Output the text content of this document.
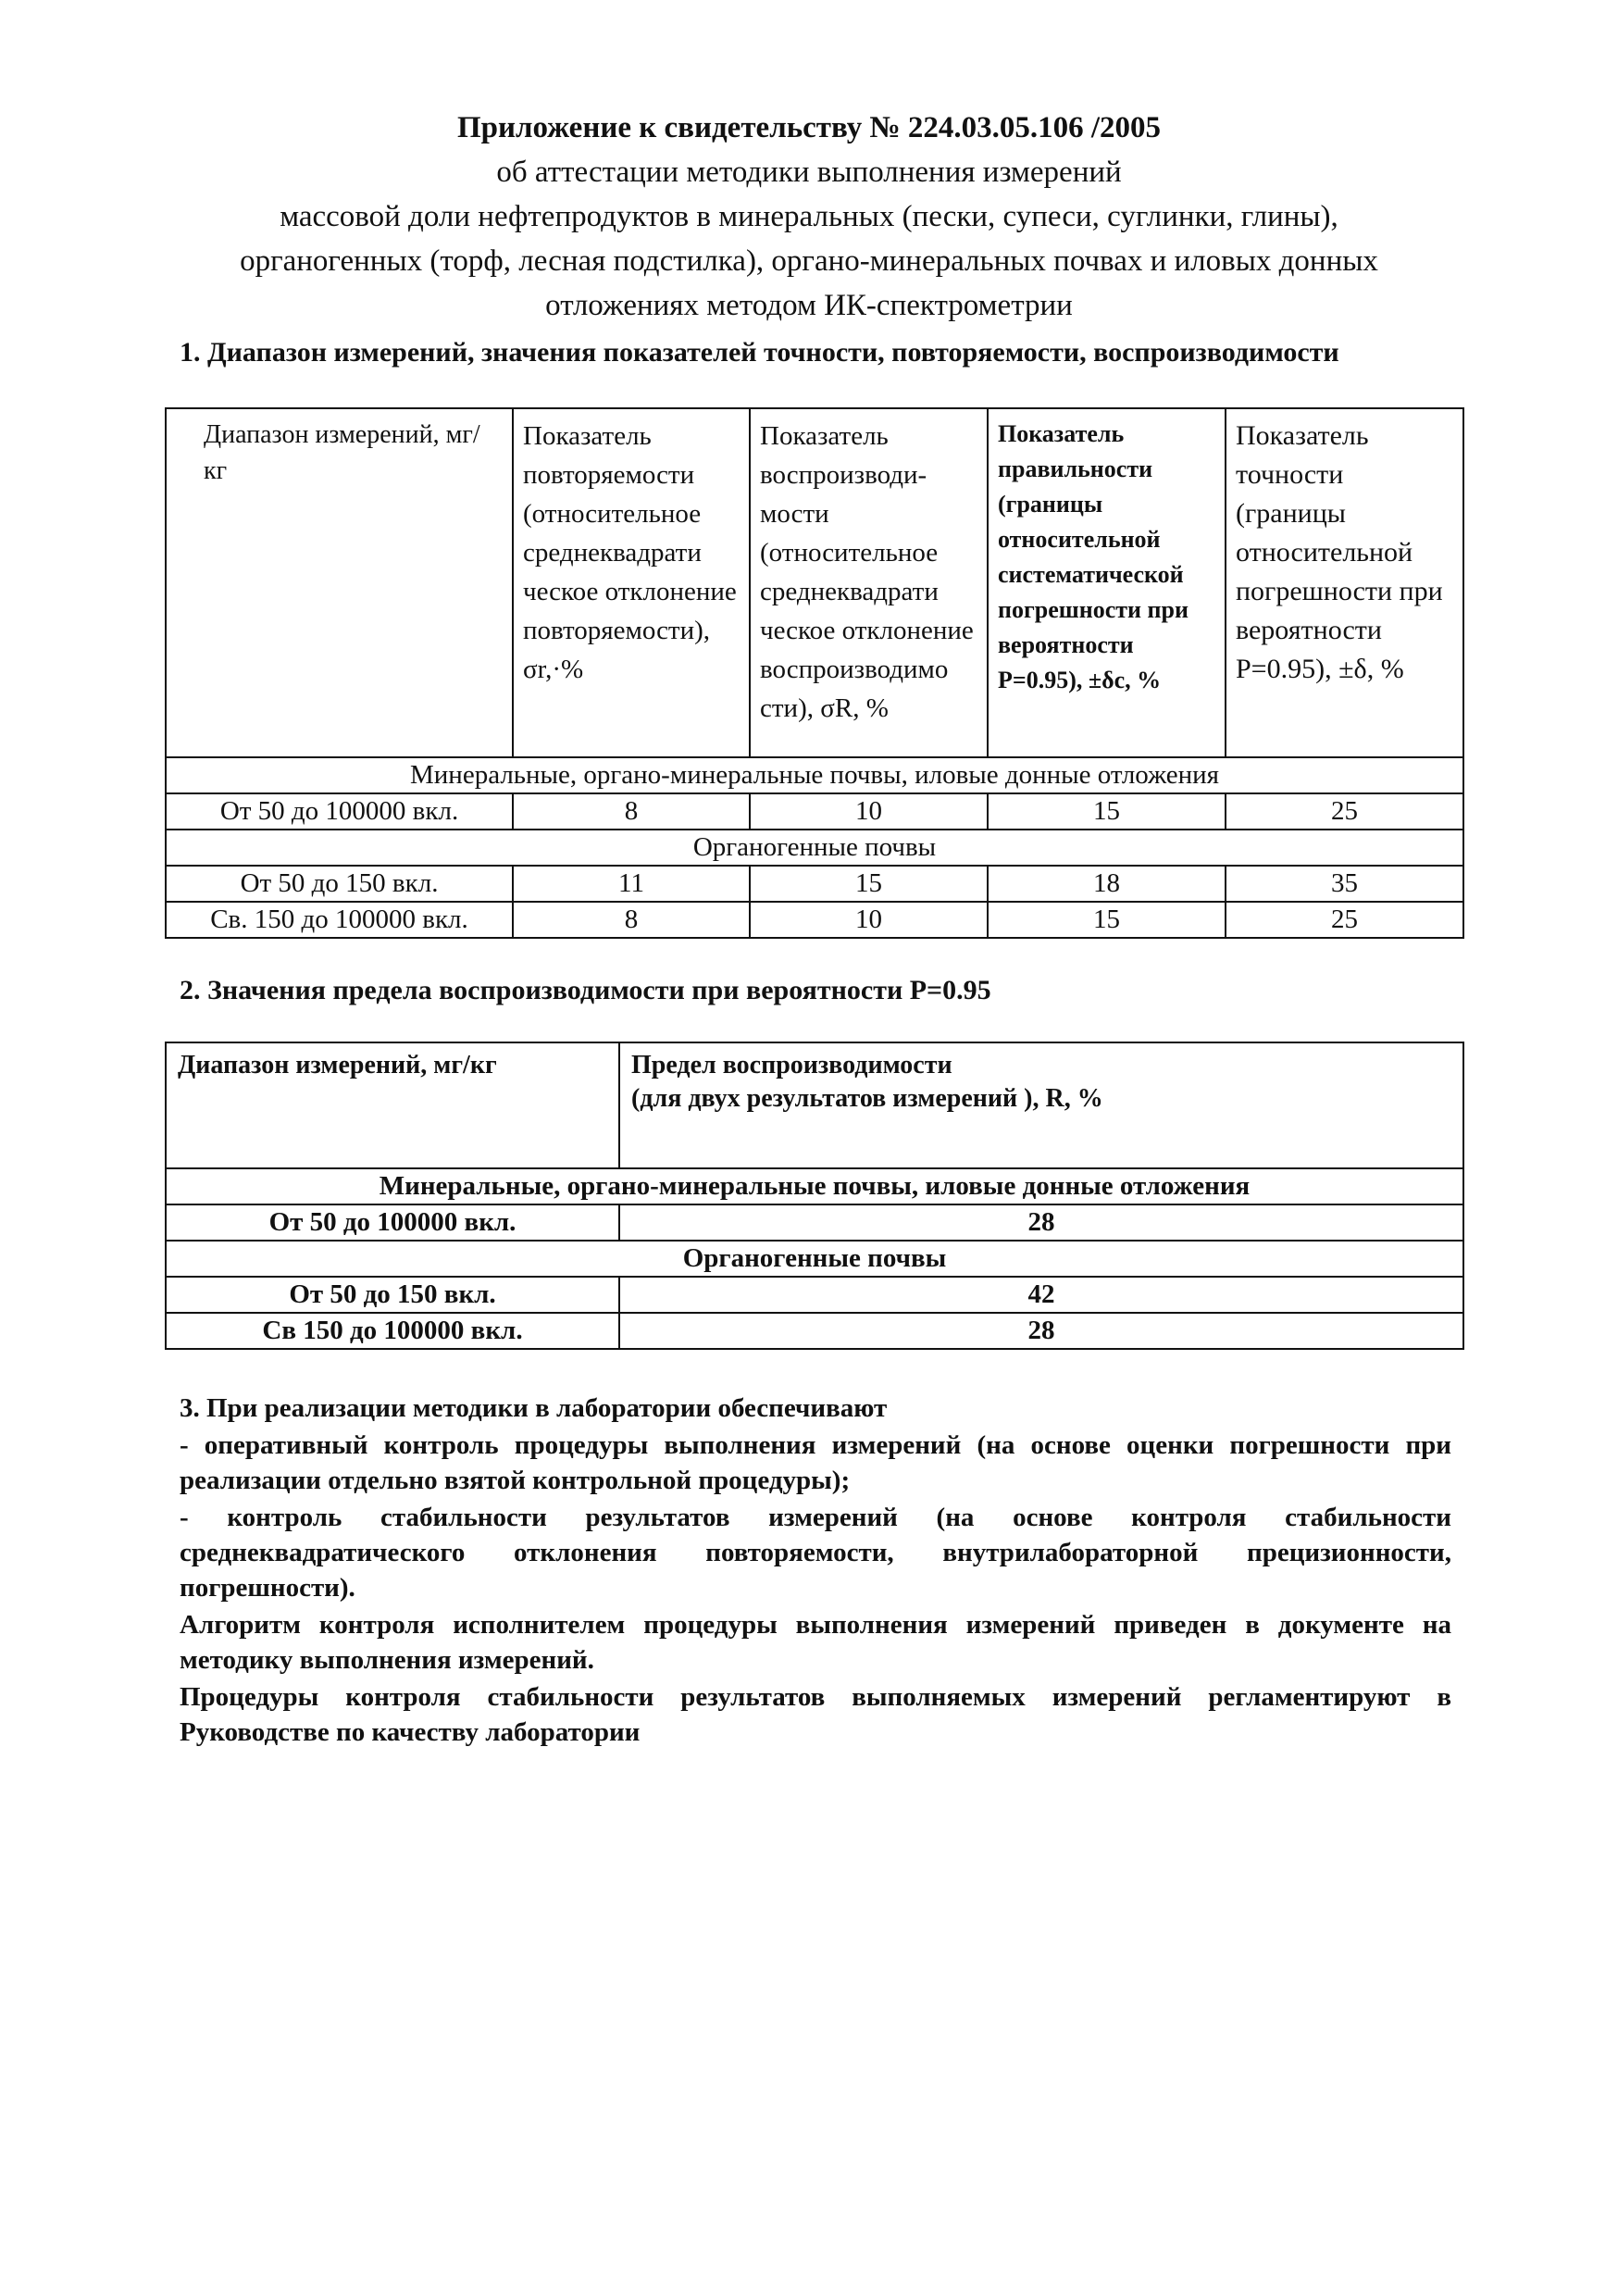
Приложение к свидетельству № 224.03.05.106 /2005
об аттестации методики выполнения измерений
массовой доли нефтепродуктов в минеральных (пески, супеси, суглинки, глины),
органогенных (торф, лесная подстилка), органо-минеральных почвах и иловых донных
отложениях методом ИК-спектрометрии
1. Диапазон измерений, значения показателей точности, повторяемости, воспроизводимости
Диапазон измерений, мг/кг	Показатель повторяемости (относительное среднеквадрати ческое отклонение повторяемости), σr,·%	Показатель воспроизводи- мости (относительное среднеквадрати ческое отклонение воспроизводимо сти), σR, %	Показатель правильности (границы относительной систематической погрешности при вероятности P=0.95), ±δс, %	Показатель точности (границы относительной погрешности при вероятности P=0.95), ±δ, %

Минеральные, органо-минеральные почвы, иловые донные отложения				
От 50 до 100000 вкл.	8	10	15	25
Органогенные почвы				
От 50 до 150 вкл.	11	15	18	35
Св. 150 до 100000 вкл.	8	10	15	25
2. Значения предела воспроизводимости при вероятности P=0.95
Диапазон измерений, мг/кг	Предел воспроизводимости
(для двух результатов измерений ), R, %

Минеральные, органо-минеральные почвы, иловые донные отложения	
От 50 до 100000 вкл.	28
Органогенные почвы	
От 50 до 150 вкл.	42
Св 150 до 100000 вкл.	28

3. При реализации методики в лаборатории обеспечивают

- оперативный контроль процедуры выполнения измерений (на основе оценки погрешности при реализации отдельно взятой контрольной процедуры);

- контроль стабильности результатов измерений (на основе контроля стабильности среднеквадратического отклонения повторяемости, внутрилабораторной прецизионности, погрешности).

Алгоритм контроля исполнителем процедуры выполнения измерений приведен в документе на методику выполнения измерений.

Процедуры контроля стабильности результатов выполняемых измерений регламентируют в Руководстве по качеству лаборатории
